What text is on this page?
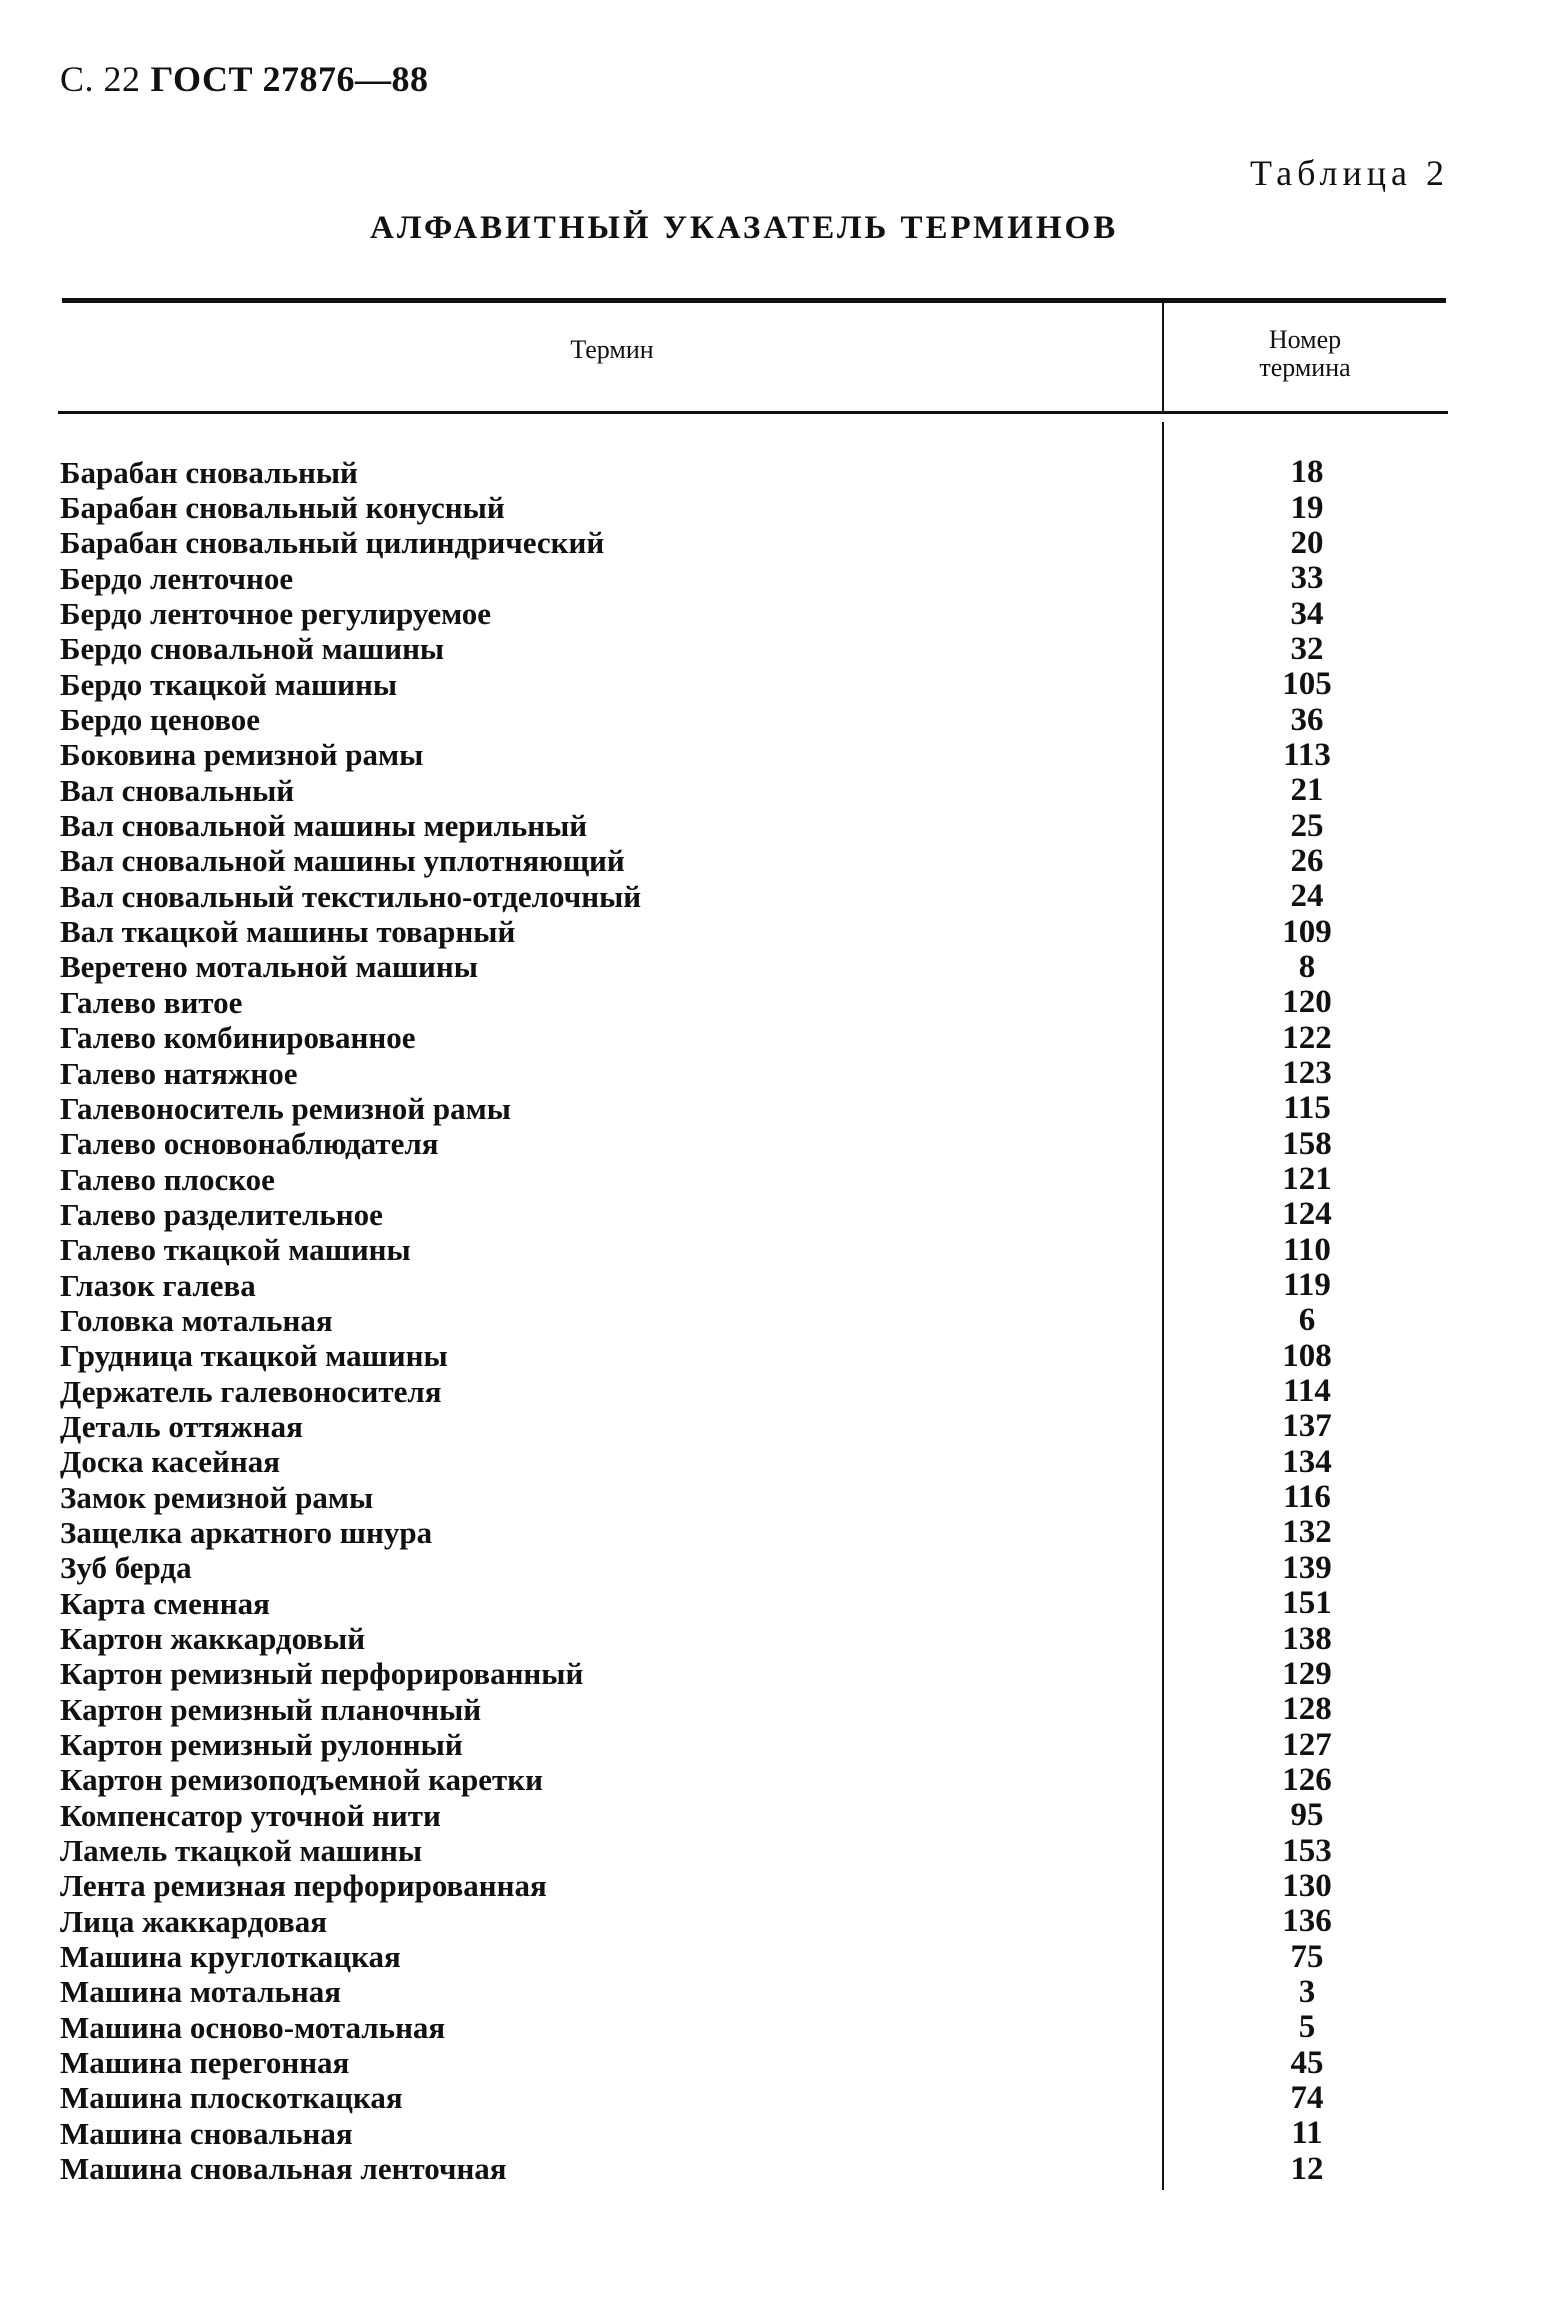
С. 22 ГОСТ 27876—88
Таблица 2
АЛФАВИТНЫЙ УКАЗАТЕЛЬ ТЕРМИНОВ
Термин	Номер
термина
Барабан сновальный	18
Барабан сновальный конусный	19
Барабан сновальный цилиндрический	20
Бердо ленточное	33
Бердо ленточное регулируемое	34
Бердо сновальной машины	32
Бердо ткацкой машины	105
Бердо ценовое	36
Боковина ремизной рамы	113
Вал сновальный	21
Вал сновальной машины мерильный	25
Вал сновальной машины уплотняющий	26
Вал сновальный текстильно-отделочный	24
Вал ткацкой машины товарный	109
Веретено мотальной машины	8
Галево витое	120
Галево комбинированное	122
Галево натяжное	123
Галевоноситель ремизной рамы	115
Галево основонаблюдателя	158
Галево плоское	121
Галево разделительное	124
Галево ткацкой машины	110
Глазок галева	119
Головка мотальная	6
Грудница ткацкой машины	108
Держатель галевоносителя	114
Деталь оттяжная	137
Доска касейная	134
Замок ремизной рамы	116
Защелка аркатного шнура	132
Зуб берда	139
Карта сменная	151
Картон жаккардовый	138
Картон ремизный перфорированный	129
Картон ремизный планочный	128
Картон ремизный рулонный	127
Картон ремизоподъемной каретки	126
Компенсатор уточной нити	95
Ламель ткацкой машины	153
Лента ремизная перфорированная	130
Лица жаккардовая	136
Машина круглоткацкая	75
Машина мотальная	3
Машина осново-мотальная	5
Машина перегонная	45
Машина плоскоткацкая	74
Машина сновальная	11
Машина сновальная ленточная	12
